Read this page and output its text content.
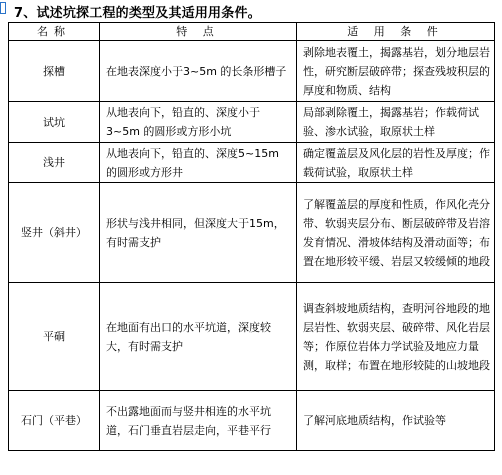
7、试述坑探工程的类型及其适用用条件。
名称	特 点	适 用 条 件
探槽	在地表深度小于3~5m 的长条形槽子	剥除地表覆土，揭露基岩，划分地层岩性，研究断层破碎带；探查残坡积层的厚度和物质、结构
试坑	从地表向下，铅直的、深度小于3~5m 的圆形或方形小坑	局部剥除覆土，揭露基岩；作载荷试验、渗水试验，取原状土样
浅井	从地表向下，铅直的、深度5~15m 的圆形或方形井	确定覆盖层及风化层的岩性及厚度；作载荷试验，取原状土样
竖井（斜井）	形状与浅井相同，但深度大于15m，有时需支护	了解覆盖层的厚度和性质，作风化壳分带、软弱夹层分布、断层破碎带及岩溶发育情况、滑坡体结构及滑动面等；布置在地形较平缓、岩层又较缓倾的地段
平硐	在地面有出口的水平坑道，深度较大，有时需支护	调查斜坡地质结构，查明河谷地段的地层岩性、软弱夹层、破碎带、风化岩层等；作原位岩体力学试验及地应力量测，取样；布置在地形较陡的山坡地段
石门（平巷）	不出露地面而与竖井相连的水平坑道，石门垂直岩层走向，平巷平行	了解河底地质结构，作试验等
